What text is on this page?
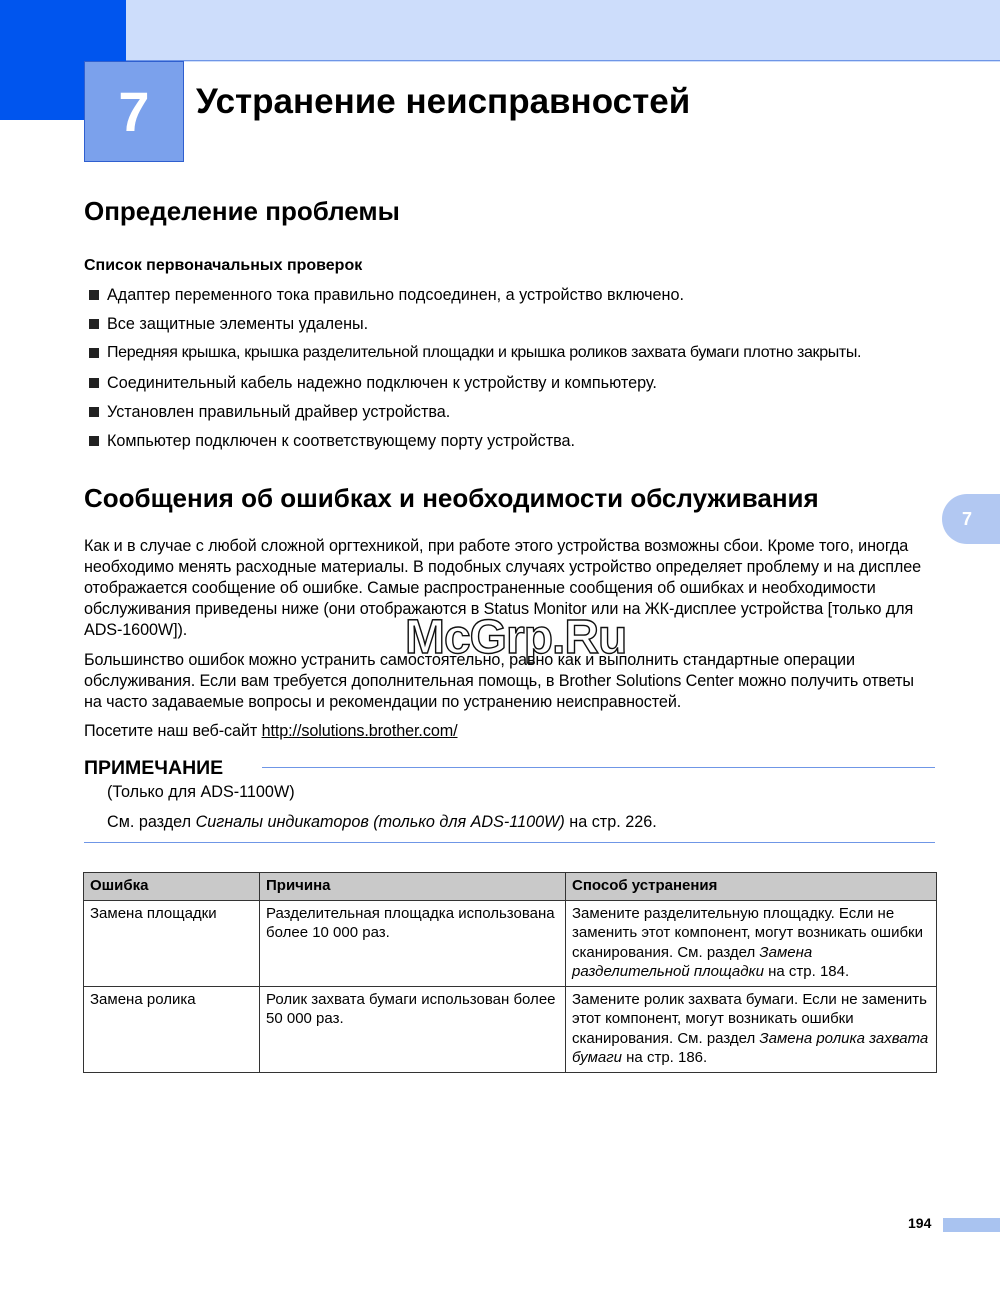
7	Устранение неисправностей
Определение проблемы
Список первоначальных проверок
Адаптер переменного тока правильно подсоединен, а устройство включено.
Все защитные элементы удалены.
Передняя крышка, крышка разделительной площадки и крышка роликов захвата бумаги плотно закрыты.
Соединительный кабель надежно подключен к устройству и компьютеру.
Установлен правильный драйвер устройства.
Компьютер подключен к соответствующему порту устройства.
Сообщения об ошибках и необходимости обслуживания
7

Как и в случае с любой сложной оргтехникой, при работе этого устройства возможны сбои. Кроме того, иногда необходимо менять расходные материалы. В подобных случаях устройство определяет проблему и на дисплее отображается сообщение об ошибке. Самые распространенные сообщения об ошибках и необходимости обслуживания приведены ниже (они отображаются в Status Monitor или на ЖК-дисплее устройства [только для ADS-1600W]).

Большинство ошибок можно устранить самостоятельно, равно как и выполнить стандартные операции обслуживания. Если вам требуется дополнительная помощь, в Brother Solutions Center можно получить ответы на часто задаваемые вопросы и рекомендации по устранению неисправностей.

Посетите наш веб-сайт http://solutions.brother.com/
McGrp.Ru
ПРИМЕЧАНИЕ
(Только для ADS-1100W)
См. раздел Сигналы индикаторов (только для ADS-1100W) на стр. 226.
Ошибка	Причина	Способ устранения
Замена площадки	Разделительная площадка использована более 10 000 раз.	Замените разделительную площадку. Если не заменить этот компонент, могут возникать ошибки сканирования. См. раздел Замена разделительной площадки на стр. 184.
Замена ролика	Ролик захвата бумаги использован более 50 000 раз.	Замените ролик захвата бумаги. Если не заменить этот компонент, могут возникать ошибки сканирования. См. раздел Замена ролика захвата бумаги на стр. 186.
194
